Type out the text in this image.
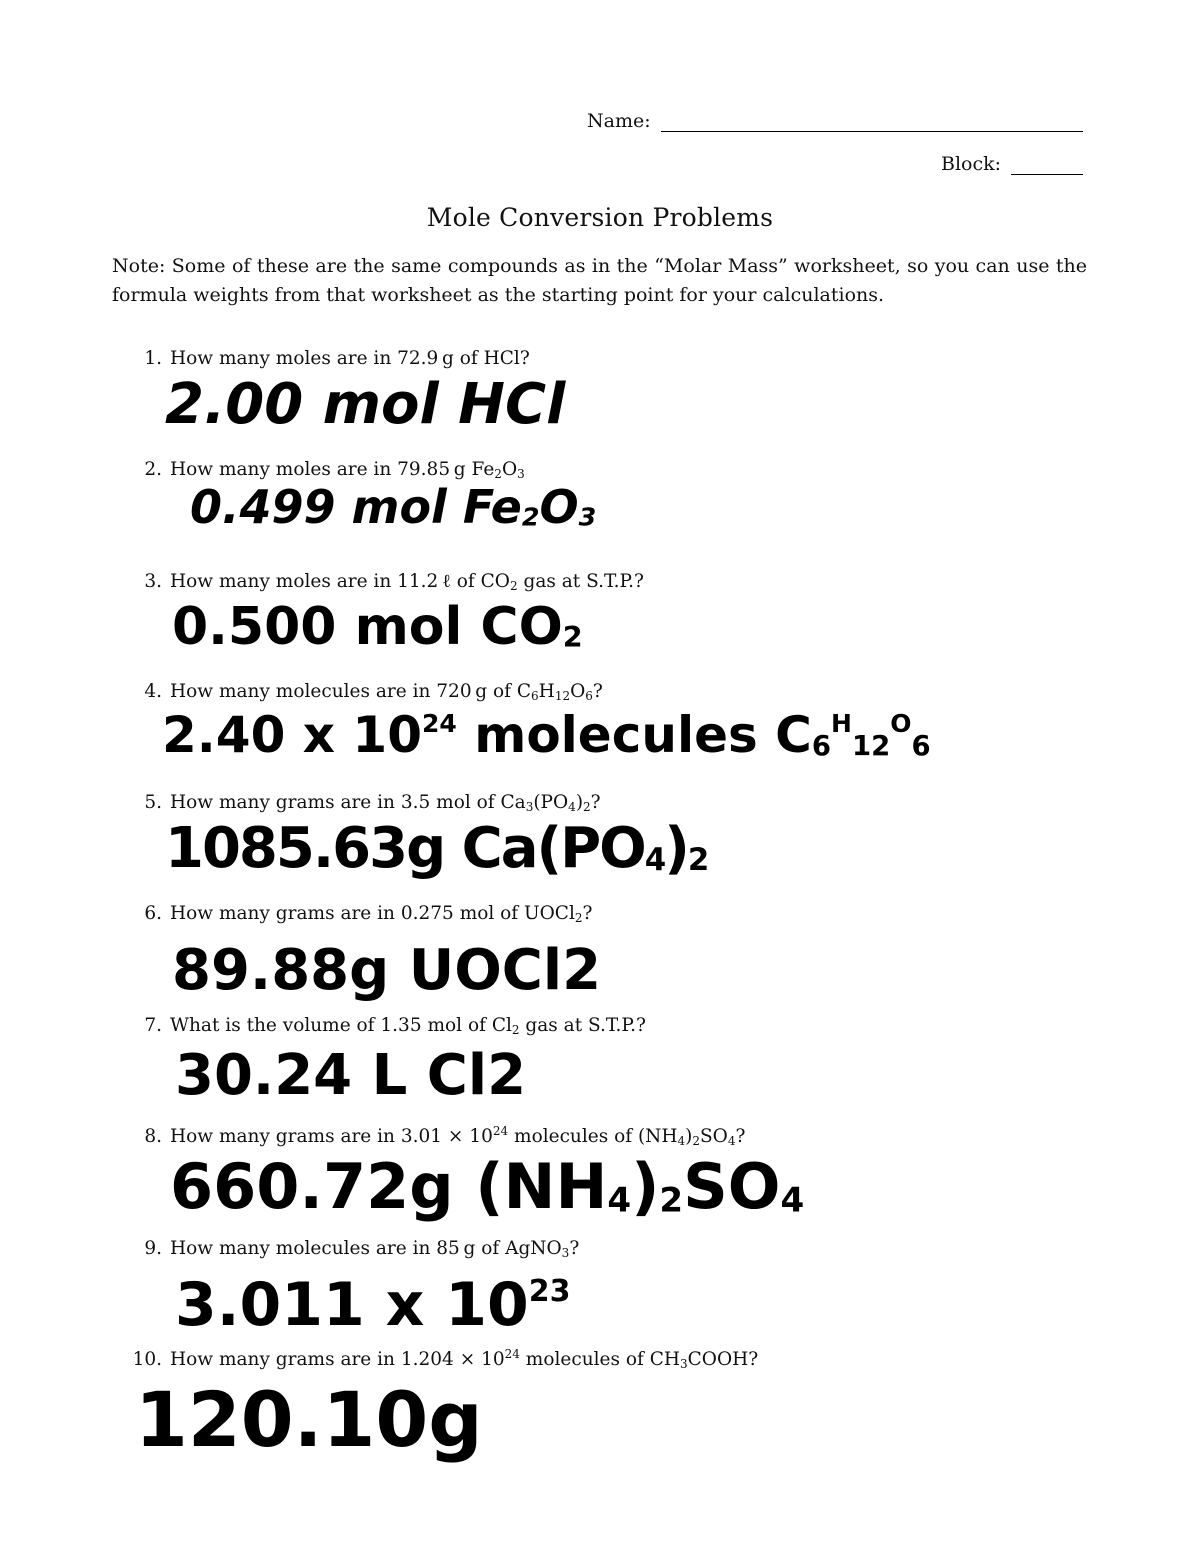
Name:
Block:
Mole Conversion Problems
Note: Some of these are the same compounds as in the “Molar Mass” worksheet, so you can use the formula weights from that worksheet as the starting point for your calculations.
1. How many moles are in 72.9 g of HCl?
2.00 mol HCl
2. How many moles are in 79.85 g $Fe_2O_3$
0.499 mol $Fe_2O_3$
3. How many moles are in 11.2 ℓ of $CO_2$ gas at S.T.P.?
0.500 mol $CO_2$
4. How many molecules are in 720 g of $C_6H_{12}O_6$?
2.40 x $10^{24}$ molecules $C_6^H_{12}^O_6$
5. How many grams are in 3.5 mol of $Ca_3(PO_4)_2$?
1085.63g $Ca(PO_4)_2$
6. How many grams are in 0.275 mol of UOCl$_2$?
89.88g UOCl2
7. What is the volume of 1.35 mol of $Cl_2$ gas at S.T.P.?
30.24 L Cl2
8. How many grams are in $3.01 \times 10^{24}$ molecules of $(NH_4)_2SO_4$?
660.72g $(NH_4)_2SO_4$
9. How many molecules are in 85 g of AgNO$_3$?
3.011 x $10^{23}$
10. How many grams are in $1.204 \times 10^{24}$ molecules of $CH_3COOH$?
120.10g
